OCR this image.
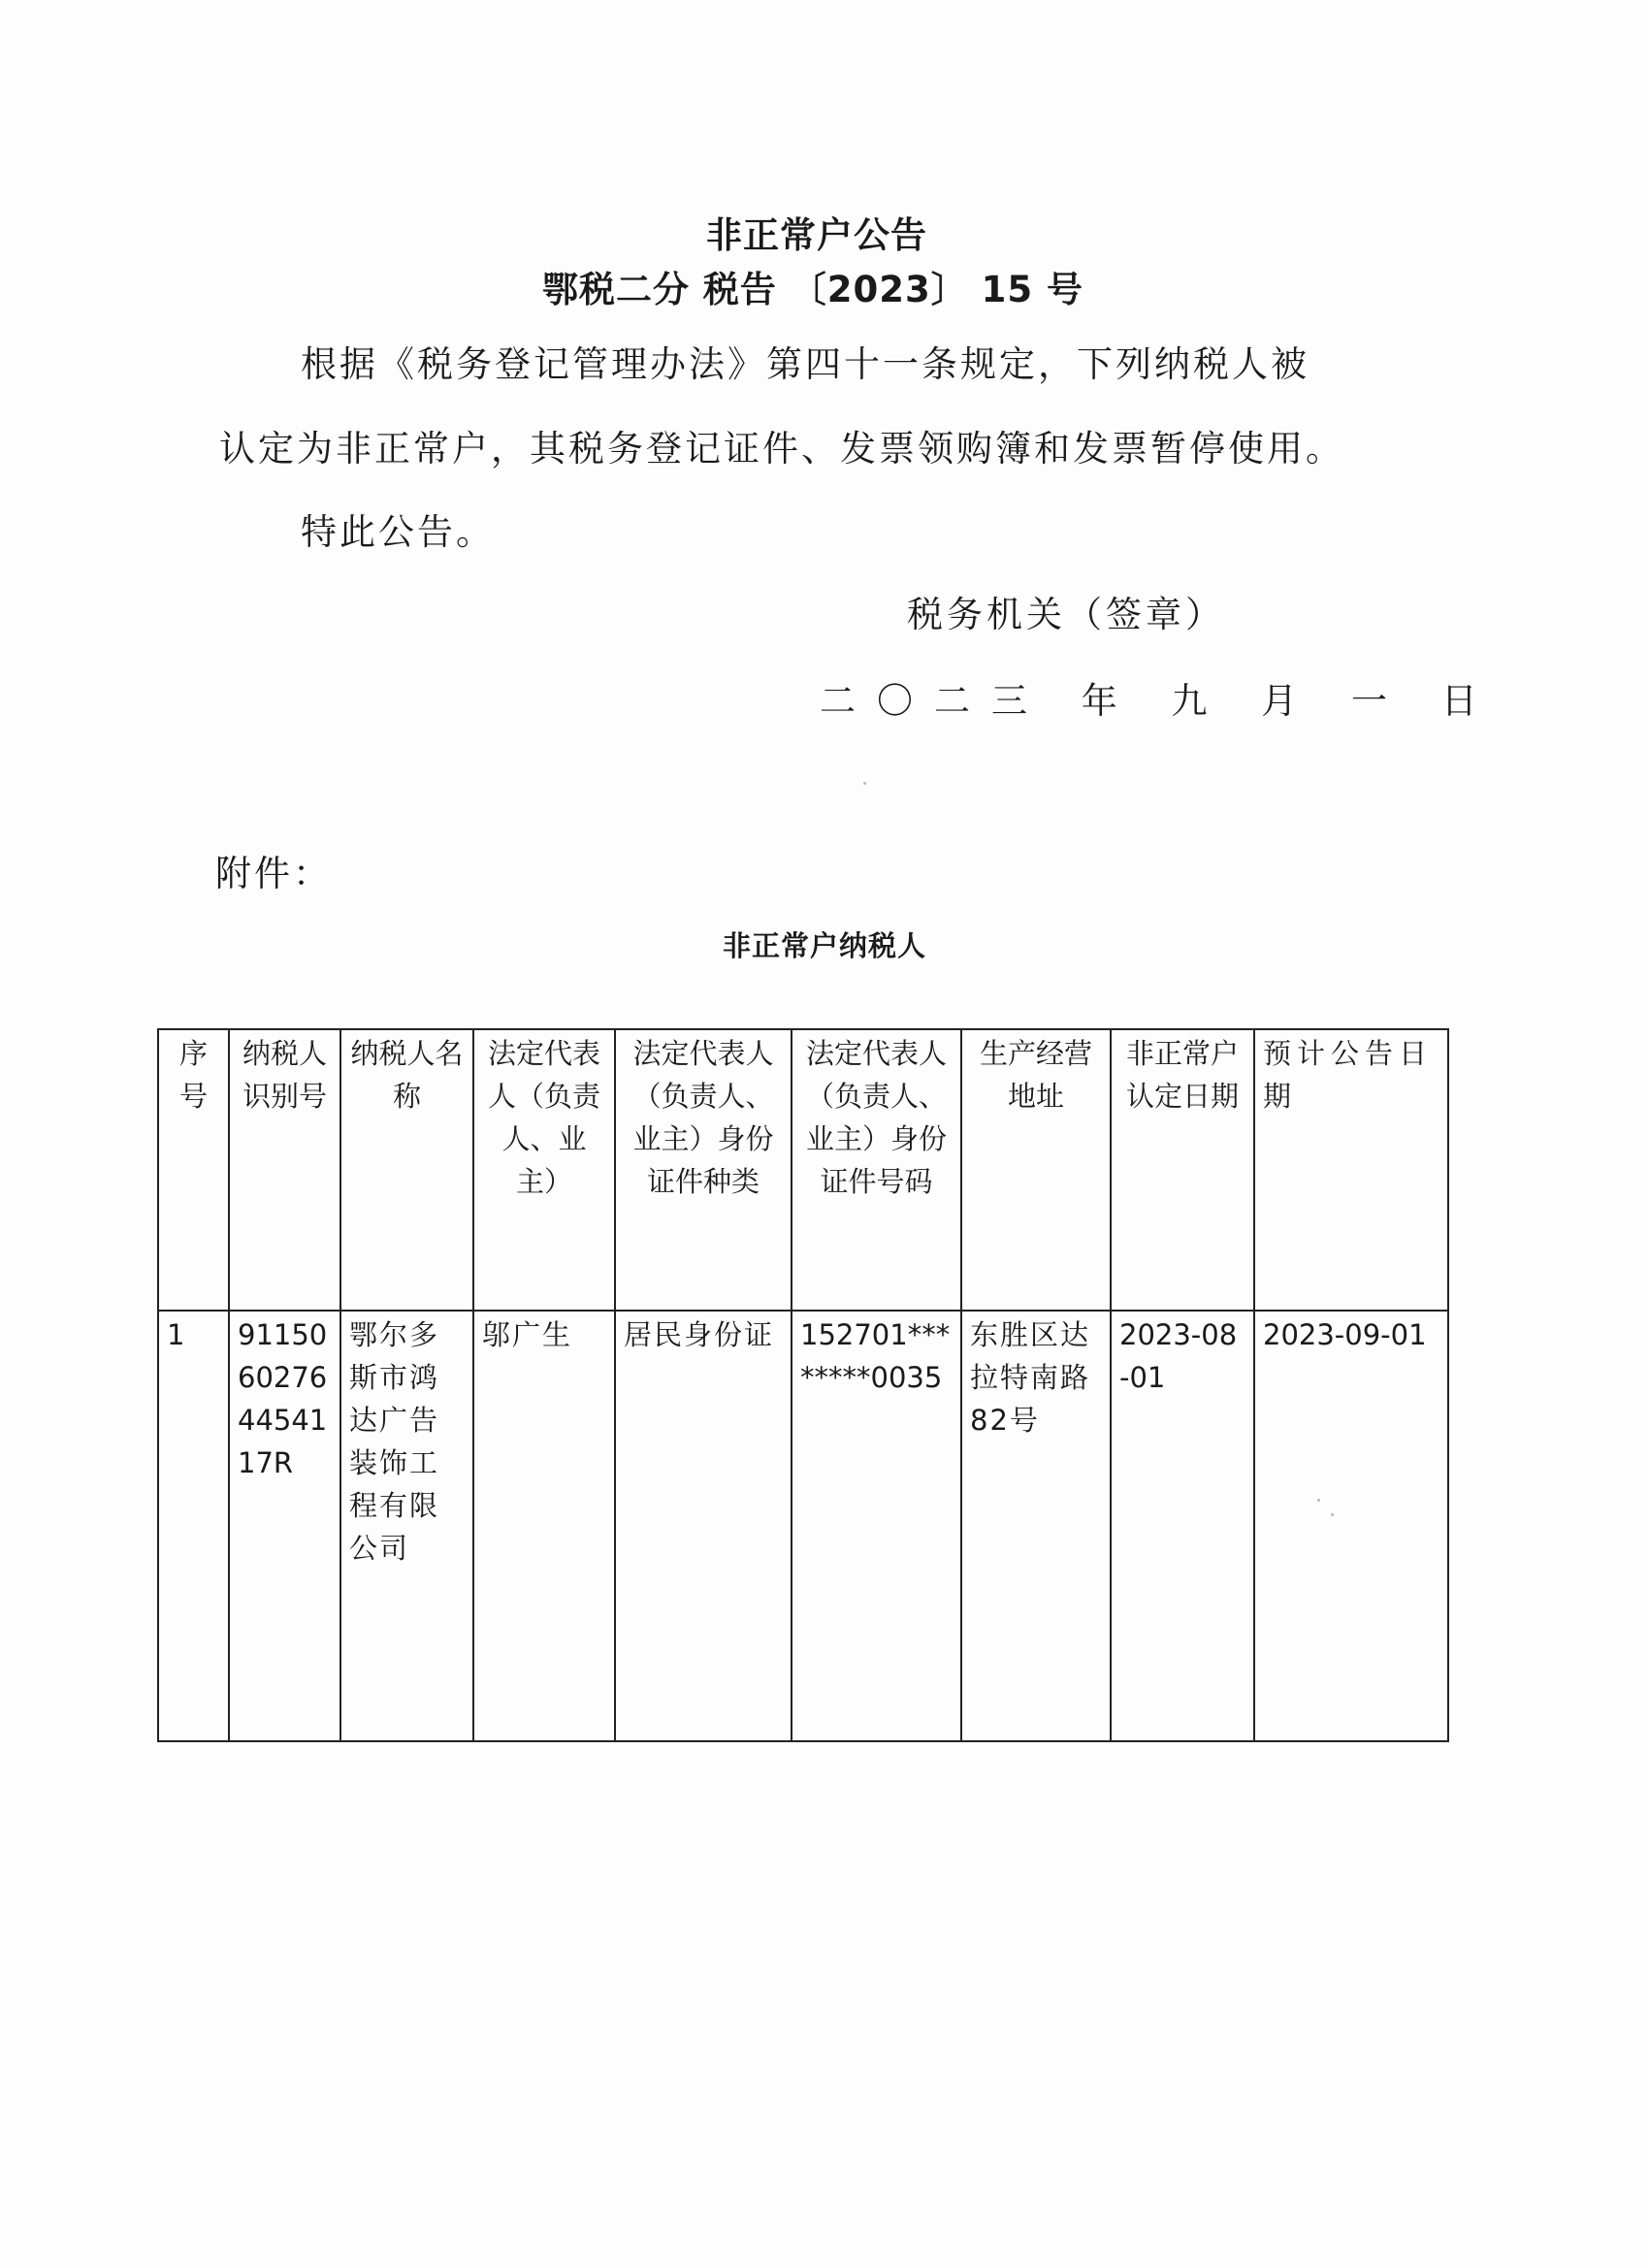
非正常户公告
鄂税二分 税告 〔2023〕 15 号
根据《税务登记管理办法》第四十一条规定，下列纳税人被
认定为非正常户，其税务登记证件、发票领购簿和发票暂停使用。
特此公告。
税务机关（签章）
二〇二三 年 九 月 一 日
附件：
非正常户纳税人
序号	纳税人识别号	纳税人名称	法定代表人（负责人、业主）	法定代表人（负责人、业主）身份证件种类	法定代表人（负责人、业主）身份证件号码	生产经营地址	非正常户认定日期	预计公告日期
1	91150602764454117R	鄂尔多斯市鸿达广告装饰工程有限公司	邬广生	居民身份证	152701********0035	东胜区达拉特南路82号	2023-08-01	2023-09-01
